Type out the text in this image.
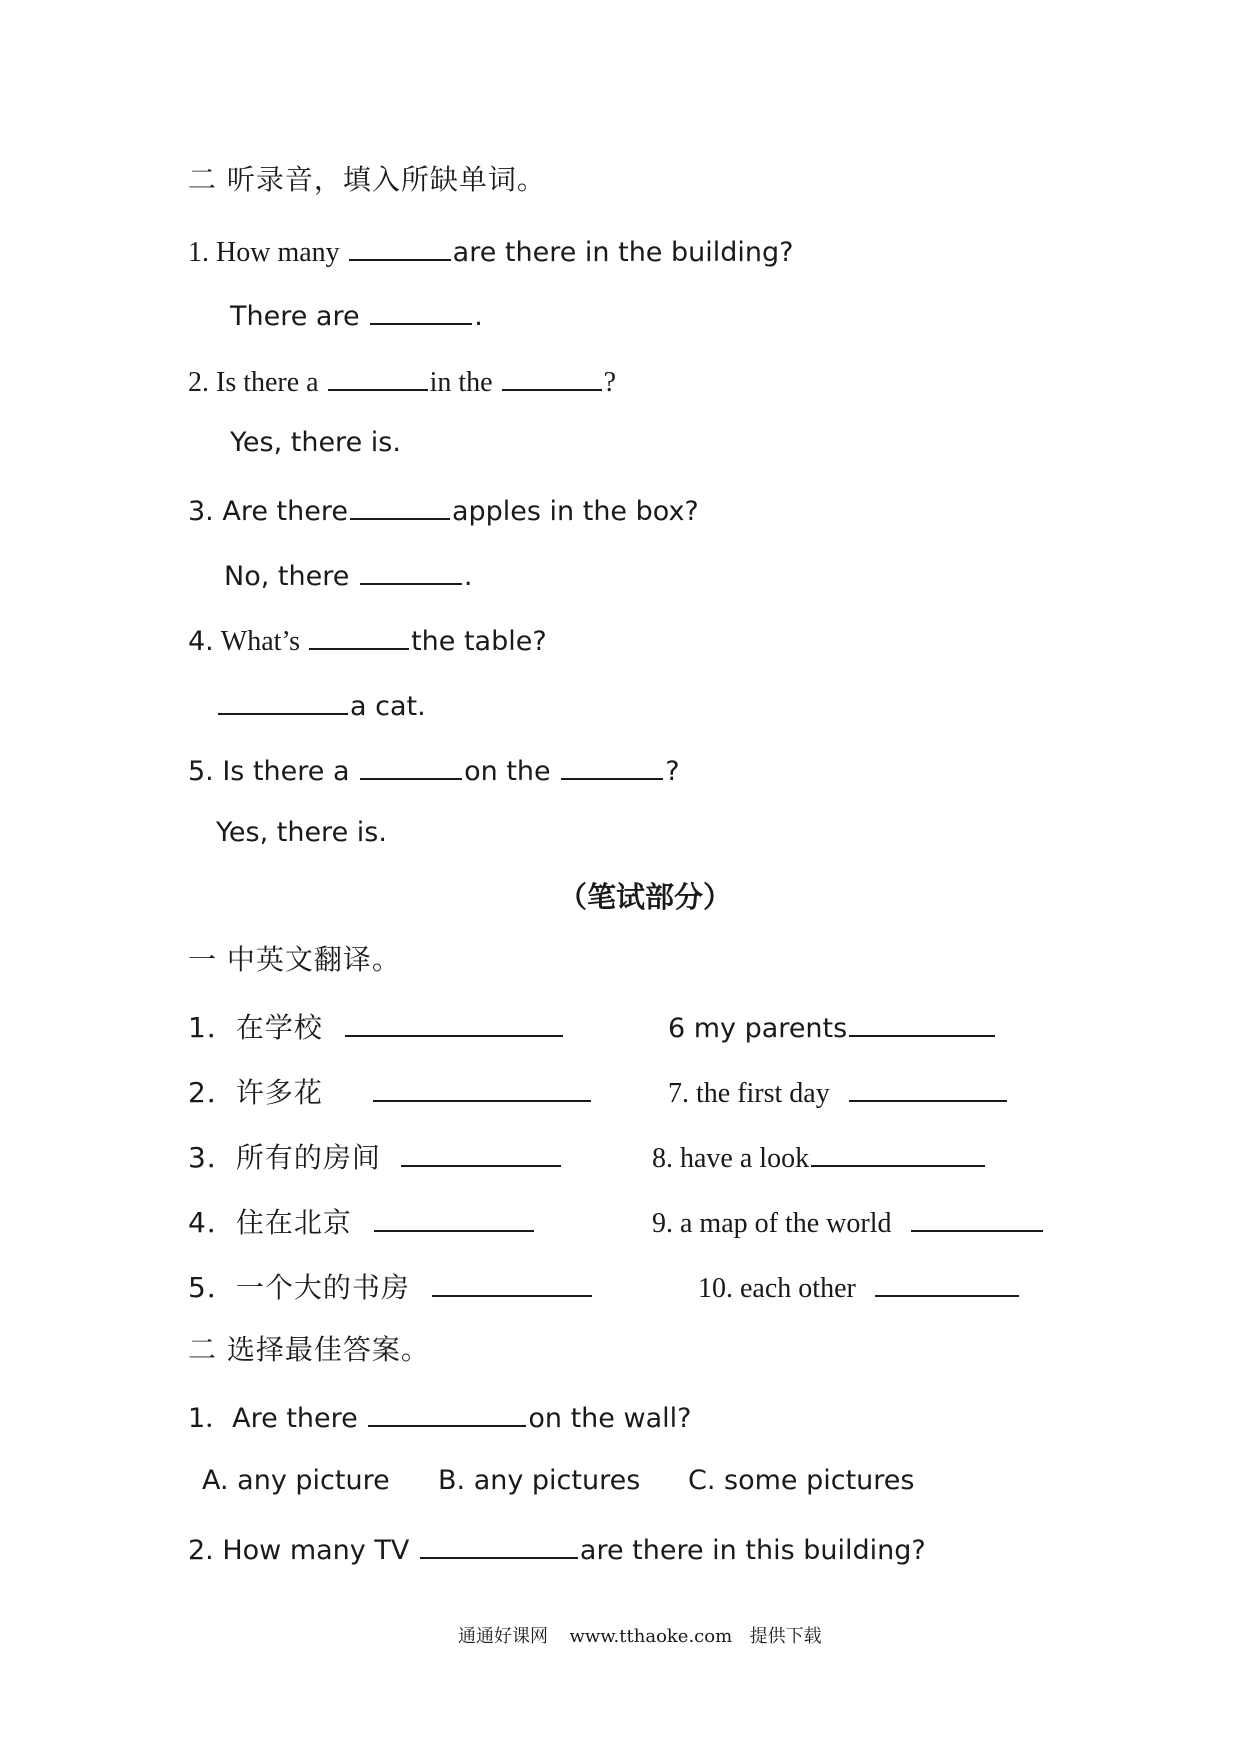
二 听录音，填入所缺单词。
1. How many	are there in the building?
There are	.
2. Is there a	in the	?
Yes, there is.
3. Are there	apples in the box?
No, there	.
4. What’s	the table?
a cat.
5. Is there a	on the	?
Yes, there is.
（笔试部分）
一 中英文翻译。
1．在学校	6 my parents
2．许多花	7. the first day
3．所有的房间	8. have a look
4．住在北京	9. a map of the world
5．一个大的书房	10. each other
二 选择最佳答案。
1．Are there	on the wall?
A. any picture B. any pictures C. some pictures
2. How many TV	are there in this building?
通通好课网 www.tthaoke.com 提供下载
